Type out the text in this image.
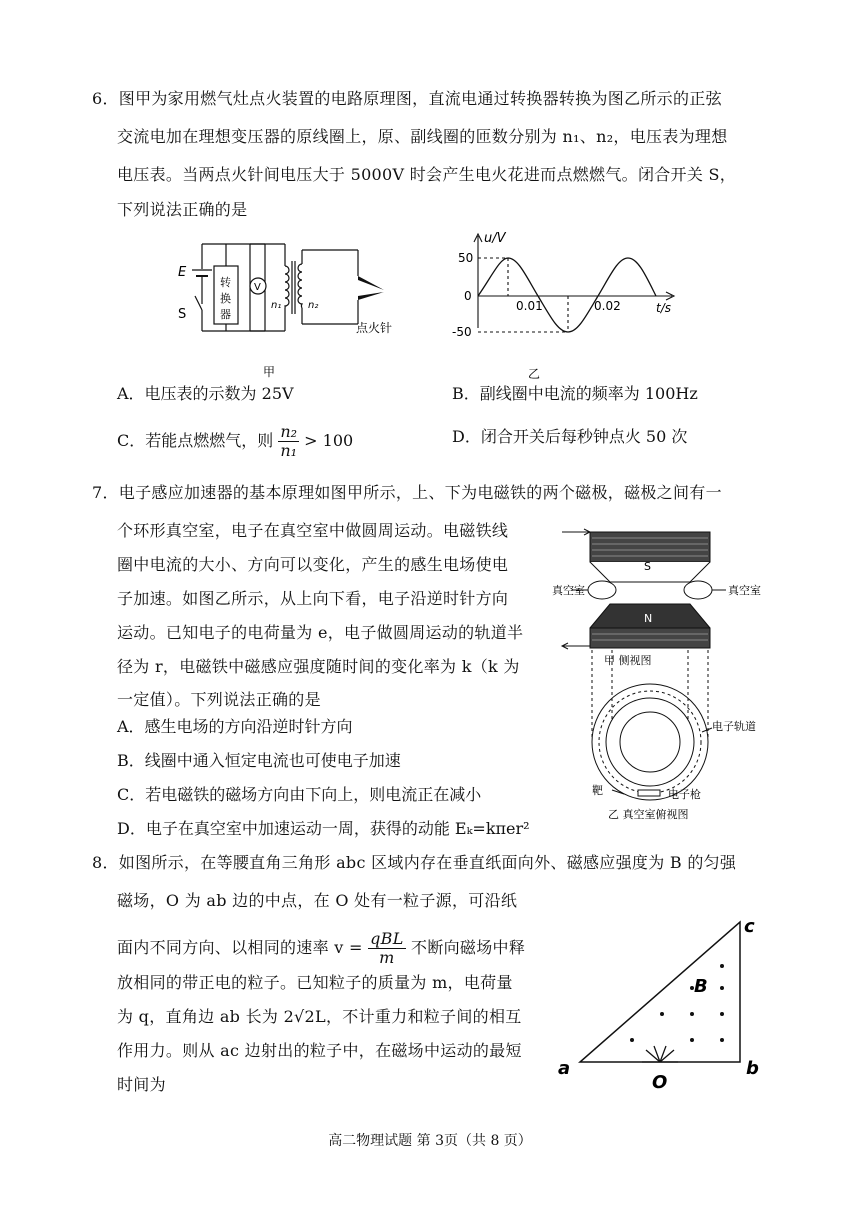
6．图甲为家用燃气灶点火装置的电路原理图，直流电通过转换器转换为图乙所示的正弦
交流电加在理想变压器的原线圈上，原、副线圈的匝数分别为 n₁、n₂，电压表为理想
电压表。当两点火针间电压大于 5000V 时会产生电火花进而点燃燃气。闭合开关 S，
下列说法正确的是
E
S
转
换
器
V
n₁	n₂
点火针
甲
u/V
t/s
50
0
-50
0.01	0.02
乙
A．电压表的示数为 25V	B．副线圈中电流的频率为 100Hz
C．若能点燃燃气，则 $\frac{\text{n₂}}{\text{n₁}} > 100$	D．闭合开关后每秒钟点火 50 次
7．电子感应加速器的基本原理如图甲所示，上、下为电磁铁的两个磁极，磁极之间有一
个环形真空室，电子在真空室中做圆周运动。电磁铁线
圈中电流的大小、方向可以变化，产生的感生电场使电
子加速。如图乙所示，从上向下看，电子沿逆时针方向
运动。已知电子的电荷量为 e，电子做圆周运动的轨道半
径为 r，电磁铁中磁感应强度随时间的变化率为 k（k 为
一定值）。下列说法正确的是
A．感生电场的方向沿逆时针方向
B．线圈中通入恒定电流也可使电子加速
C．若电磁铁的磁场方向由下向上，则电流正在减小
D．电子在真空室中加速运动一周，获得的动能 Eₖ=kπer²
S
N
真空室	真空室
甲 侧视图
电子轨道
靶	电子枪
乙 真空室俯视图
8．如图所示，在等腰直角三角形 abc 区域内存在垂直纸面向外、磁感应强度为 B 的匀强
磁场，O 为 ab 边的中点，在 O 处有一粒子源，可沿纸
面内不同方向、以相同的速率 $v = \frac{\text{qBL}}{m}$ 不断向磁场中释
放相同的带正电的粒子。已知粒子的质量为 m，电荷量
为 q，直角边 ab 长为 2√2L，不计重力和粒子间的相互
作用力。则从 ac 边射出的粒子中，在磁场中运动的最短
时间为
a	b
c
B
O
高二物理试题 第 3页（共 8 页）
